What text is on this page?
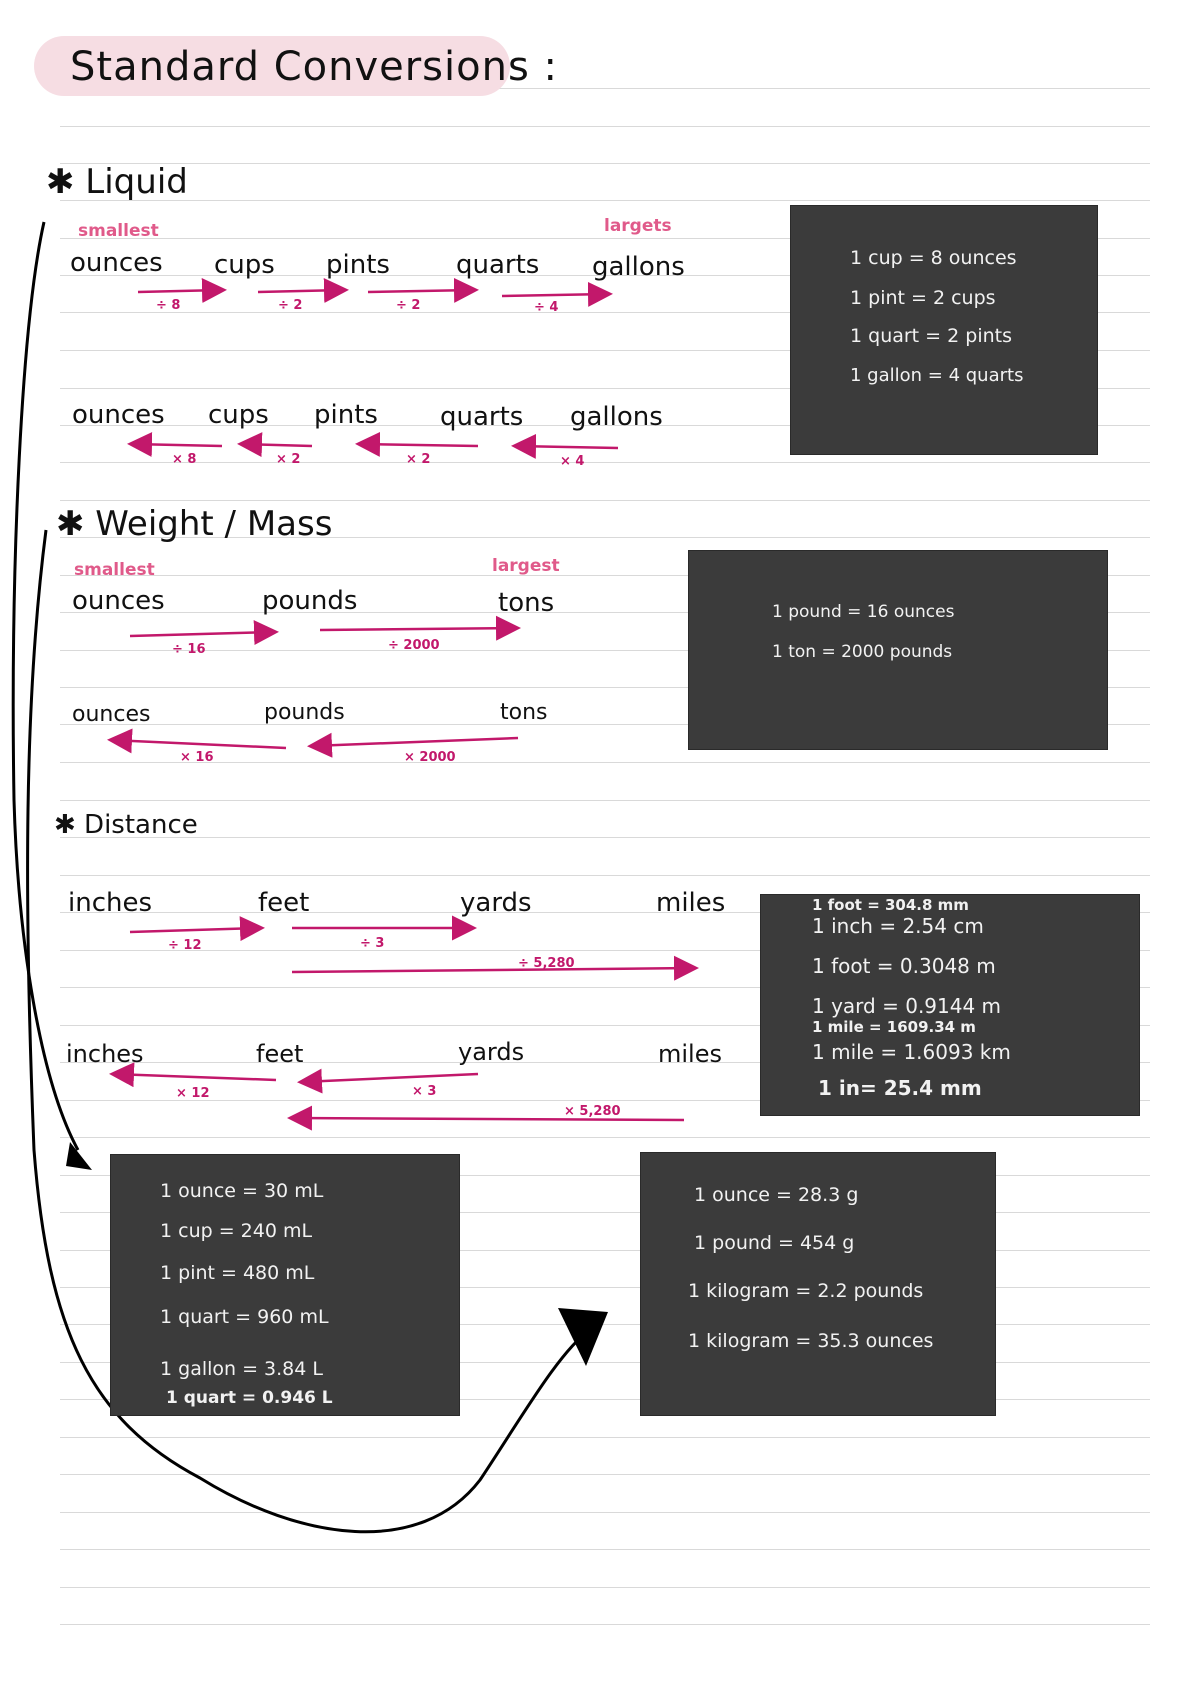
Standard Conversions :
✱ Liquid
smallest	largets
ounces cups pints	quarts gallons
÷ 8	÷ 2	÷ 2	÷ 4
ounces cups pints quarts gallons
× 8	× 2	× 2	× 4
1 cup = 8 ounces
1 pint = 2 cups
1 quart = 2 pints
1 gallon = 4 quarts
✱ Weight / Mass
smallest	largest
ounces	pounds	tons
÷ 16	÷ 2000
ounces	pounds	tons
× 16	× 2000
1 pound = 16 ounces
1 ton = 2000 pounds
✱ Distance
inches	feet	yards	miles
÷ 12	÷ 3
÷ 5,280
inches	feet	yards	miles
× 12	× 3
× 5,280
1 foot = 304.8 mm
1 inch = 2.54 cm
1 foot = 0.3048 m
1 yard = 0.9144 m
1 mile = 1609.34 m
1 mile = 1.6093 km
1 in= 25.4 mm
1 ounce = 30 mL
1 cup = 240 mL
1 pint = 480 mL
1 quart = 960 mL
1 gallon = 3.84 L
1 quart = 0.946 L
1 ounce = 28.3 g
1 pound = 454 g
1 kilogram = 2.2 pounds
1 kilogram = 35.3 ounces
